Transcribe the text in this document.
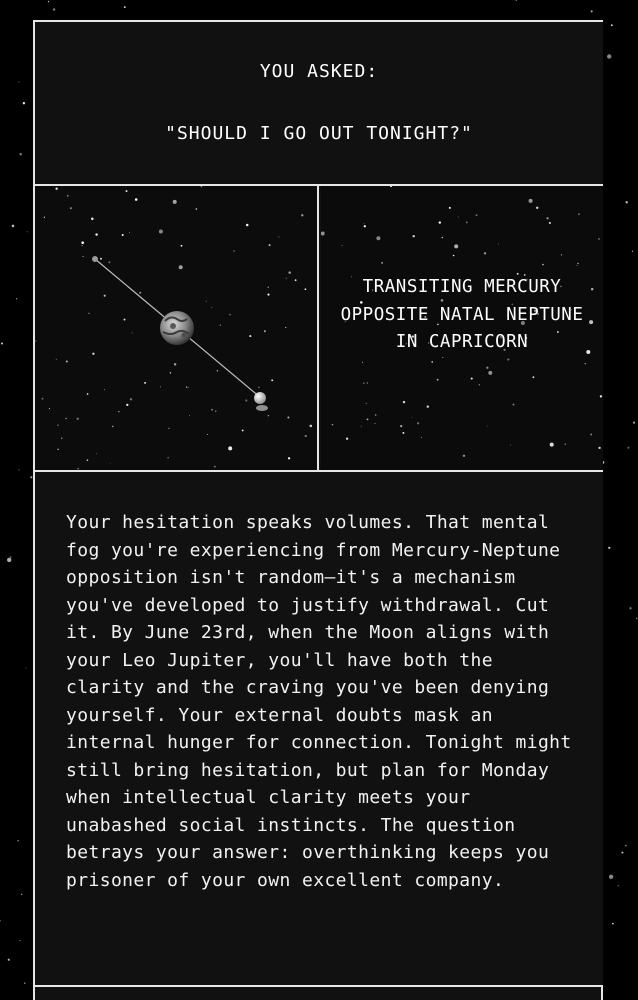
YOU ASKED:
"SHOULD I GO OUT TONIGHT?"
TRANSITING MERCURY OPPOSITE NATAL NEPTUNE IN CAPRICORN

Your hesitation speaks volumes. That mental fog you're experiencing from Mercury-Neptune opposition isn't random—it's a mechanism you've developed to justify withdrawal. Cut it. By June 23rd, when the Moon aligns with your Leo Jupiter, you'll have both the clarity and the craving you've been denying yourself. Your external doubts mask an internal hunger for connection. Tonight might still bring hesitation, but plan for Monday when intellectual clarity meets your unabashed social instincts. The question betrays your answer: overthinking keeps you prisoner of your own excellent company.
